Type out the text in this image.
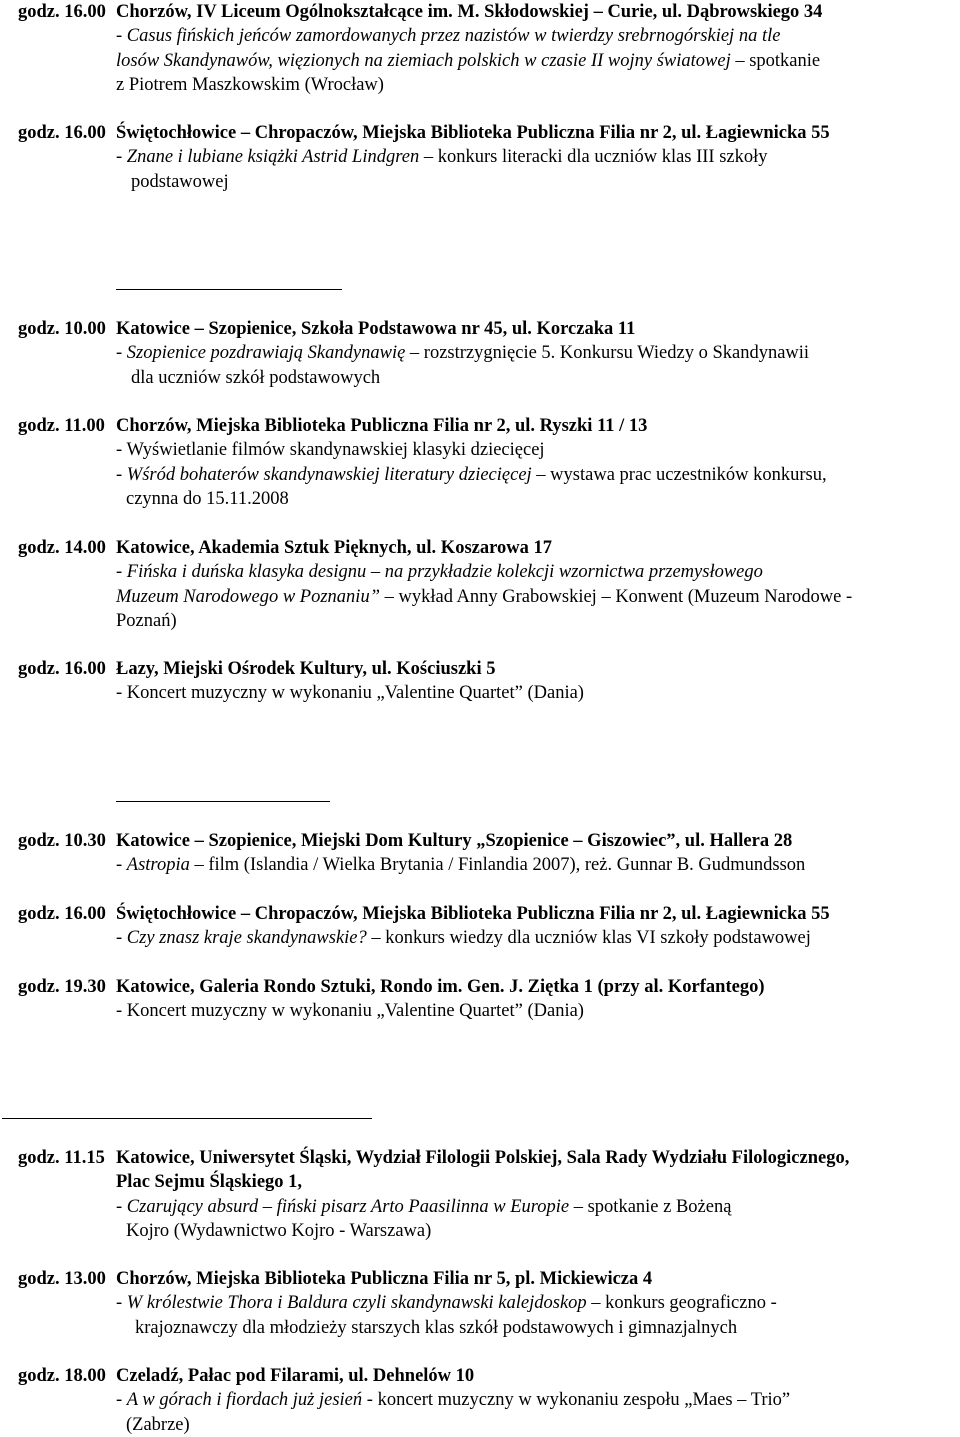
godz. 16.00 Chorzów, IV Liceum Ogólnokształcące im. M. Skłodowskiej – Curie, ul. Dąbrowskiego 34
- Casus fińskich jeńców zamordowanych przez nazistów w twierdzy srebrnogórskiej na tle
losów Skandynawów, więzionych na ziemiach polskich w czasie II wojny światowej – spotkanie
z Piotrem Maszkowskim (Wrocław)
godz. 16.00 Świętochłowice – Chropaczów, Miejska Biblioteka Publiczna Filia nr 2, ul. Łagiewnicka 55
- Znane i lubiane książki Astrid Lindgren – konkurs literacki dla uczniów klas III szkoły
podstawowej
godz. 10.00 Katowice – Szopienice, Szkoła Podstawowa nr 45, ul. Korczaka 11
- Szopienice pozdrawiają Skandynawię – rozstrzygnięcie 5. Konkursu Wiedzy o Skandynawii
dla uczniów szkół podstawowych
godz. 11.00 Chorzów, Miejska Biblioteka Publiczna Filia nr 2, ul. Ryszki 11 / 13
- Wyświetlanie filmów skandynawskiej klasyki dziecięcej
- Wśród bohaterów skandynawskiej literatury dziecięcej – wystawa prac uczestników konkursu,
czynna do 15.11.2008
godz. 14.00 Katowice, Akademia Sztuk Pięknych, ul. Koszarowa 17
- Fińska i duńska klasyka designu – na przykładzie kolekcji wzornictwa przemysłowego
Muzeum Narodowego w Poznaniu” – wykład Anny Grabowskiej – Konwent (Muzeum Narodowe -
Poznań)
godz. 16.00 Łazy, Miejski Ośrodek Kultury, ul. Kościuszki 5
- Koncert muzyczny w wykonaniu „Valentine Quartet” (Dania)
godz. 10.30 Katowice – Szopienice, Miejski Dom Kultury „Szopienice – Giszowiec”, ul. Hallera 28
- Astropia – film (Islandia / Wielka Brytania / Finlandia 2007), reż. Gunnar B. Gudmundsson
godz. 16.00 Świętochłowice – Chropaczów, Miejska Biblioteka Publiczna Filia nr 2, ul. Łagiewnicka 55
- Czy znasz kraje skandynawskie? – konkurs wiedzy dla uczniów klas VI szkoły podstawowej
godz. 19.30 Katowice, Galeria Rondo Sztuki, Rondo im. Gen. J. Ziętka 1 (przy al. Korfantego)
- Koncert muzyczny w wykonaniu „Valentine Quartet” (Dania)
godz. 11.15 Katowice, Uniwersytet Śląski, Wydział Filologii Polskiej, Sala Rady Wydziału Filologicznego,
Plac Sejmu Śląskiego 1,
- Czarujący absurd – fiński pisarz Arto Paasilinna w Europie – spotkanie z Bożeną
Kojro (Wydawnictwo Kojro - Warszawa)
godz. 13.00 Chorzów, Miejska Biblioteka Publiczna Filia nr 5, pl. Mickiewicza 4
- W królestwie Thora i Baldura czyli skandynawski kalejdoskop – konkurs geograficzno -
krajoznawczy dla młodzieży starszych klas szkół podstawowych i gimnazjalnych
godz. 18.00 Czeladź, Pałac pod Filarami, ul. Dehnelów 10
- A w górach i fiordach już jesień - koncert muzyczny w wykonaniu zespołu „Maes – Trio”
(Zabrze)
